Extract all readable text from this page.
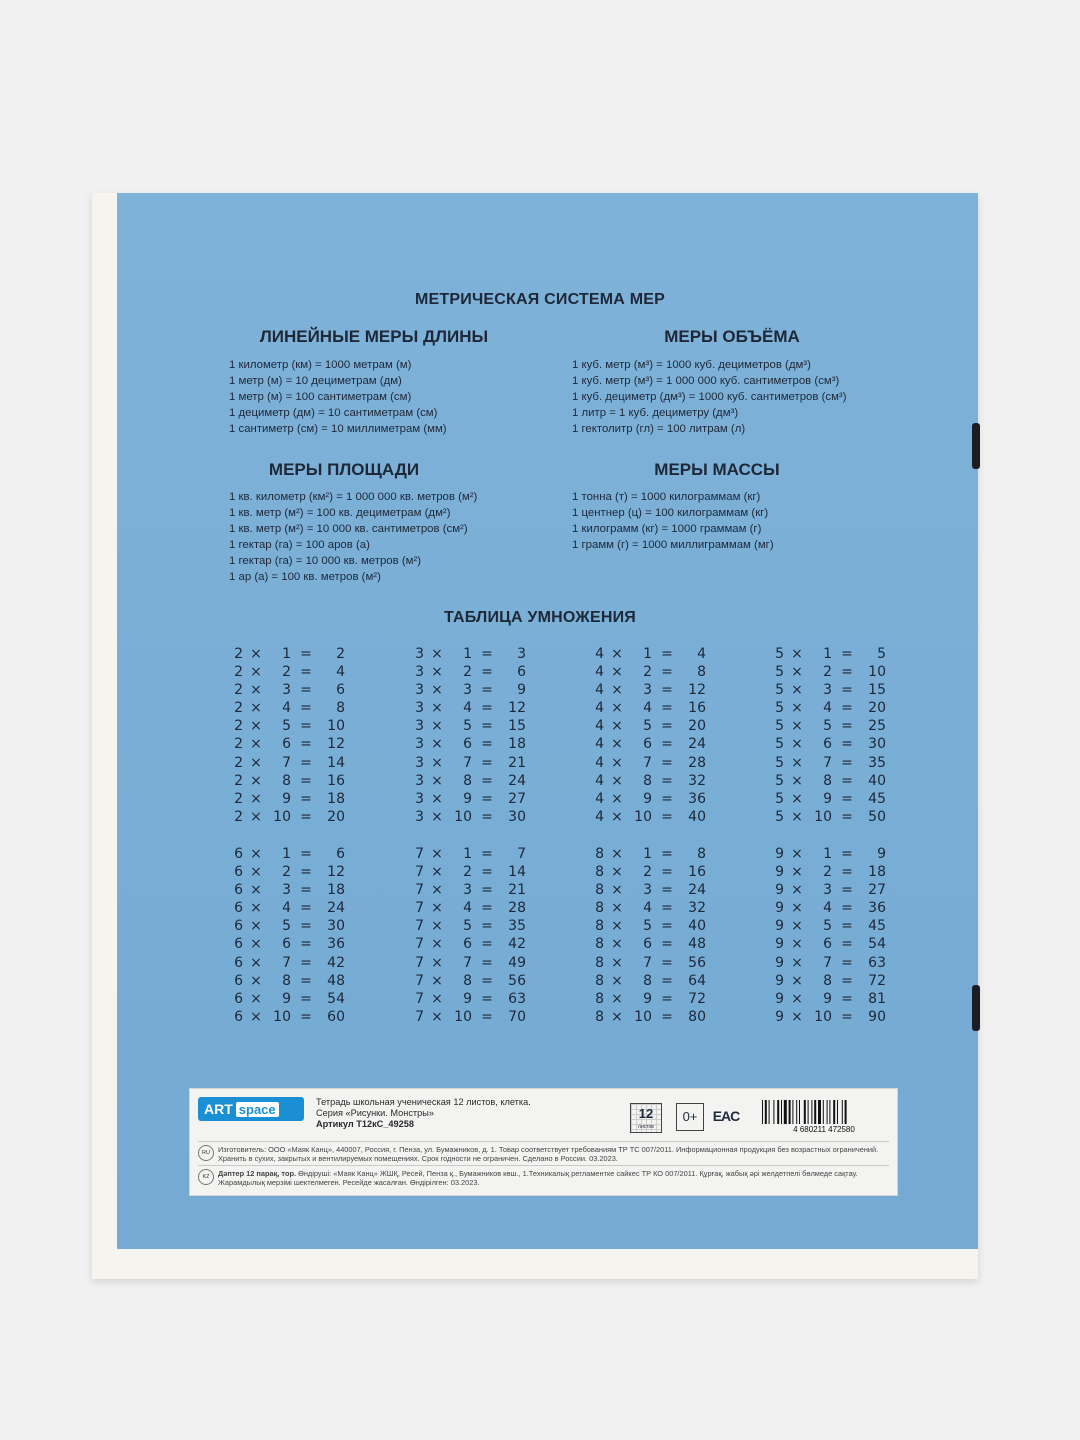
МЕТРИЧЕСКАЯ СИСТЕМА МЕР
ЛИНЕЙНЫЕ МЕРЫ ДЛИНЫ	МЕРЫ ОБЪЁМА
МЕРЫ ПЛОЩАДИ	МЕРЫ МАССЫ
1 километр (км) = 1000 метрам (м)
1 метр (м) = 10 дециметрам (дм)
1 метр (м) = 100 сантиметрам (см)
1 дециметр (дм) = 10 сантиметрам (см)
1 сантиметр (см) = 10 миллиметрам (мм)
1 куб. метр (м³) = 1000 куб. дециметров (дм³)
1 куб. метр (м³) = 1 000 000 куб. сантиметров (см³)
1 куб. дециметр (дм³) = 1000 куб. сантиметров (см³)
1 литр = 1 куб. дециметру (дм³)
1 гектолитр (гл) = 100 литрам (л)
1 кв. километр (км²) = 1 000 000 кв. метров (м²)
1 кв. метр (м²) = 100 кв. дециметрам (дм²)
1 кв. метр (м²) = 10 000 кв. сантиметров (см²)
1 гектар (га) = 100 аров (а)
1 гектар (га) = 10 000 кв. метров (м²)
1 ар (а) = 100 кв. метров (м²)
1 тонна (т) = 1000 килограммам (кг)
1 центнер (ц) = 100 килограммам (кг)
1 килограмм (кг) = 1000 граммам (г)
1 грамм (г) = 1000 миллиграммам (мг)
ТАБЛИЦА УМНОЖЕНИЯ
2 ×	1 =	2
2 ×	2 =	4
2 ×	3 =	6
2 ×	4 =	8
2 ×	5 =	10
2 ×	6 =	12
2 ×	7 =	14
2 ×	8 =	16
2 ×	9 =	18
2 × 10 =	20
3 ×	1 =	3
3 ×	2 =	6
3 ×	3 =	9
3 ×	4 =	12
3 ×	5 =	15
3 ×	6 =	18
3 ×	7 =	21
3 ×	8 =	24
3 ×	9 =	27
3 × 10 =	30
4 ×	1 =	4
4 ×	2 =	8
4 ×	3 =	12
4 ×	4 =	16
4 ×	5 =	20
4 ×	6 =	24
4 ×	7 =	28
4 ×	8 =	32
4 ×	9 =	36
4 × 10 =	40
5 ×	1 =	5
5 ×	2 =	10
5 ×	3 =	15
5 ×	4 =	20
5 ×	5 =	25
5 ×	6 =	30
5 ×	7 =	35
5 ×	8 =	40
5 ×	9 =	45
5 × 10 =	50
6 ×	1 =	6
6 ×	2 =	12
6 ×	3 =	18
6 ×	4 =	24
6 ×	5 =	30
6 ×	6 =	36
6 ×	7 =	42
6 ×	8 =	48
6 ×	9 =	54
6 × 10 =	60
7 ×	1 =	7
7 ×	2 =	14
7 ×	3 =	21
7 ×	4 =	28
7 ×	5 =	35
7 ×	6 =	42
7 ×	7 =	49
7 ×	8 =	56
7 ×	9 =	63
7 × 10 =	70
8 ×	1 =	8
8 ×	2 =	16
8 ×	3 =	24
8 ×	4 =	32
8 ×	5 =	40
8 ×	6 =	48
8 ×	7 =	56
8 ×	8 =	64
8 ×	9 =	72
8 × 10 =	80
9 ×	1 =	9
9 ×	2 =	18
9 ×	3 =	27
9 ×	4 =	36
9 ×	5 =	45
9 ×	6 =	54
9 ×	7 =	63
9 ×	8 =	72
9 ×	9 =	81
9 × 10 =	90
ART space	Тетрадь школьная ученическая 12 листов, клетка.
Серия «Рисунки. Монстры»
Артикул Т12кС_49258
12
листов
0+	EAC
4 680211 472580
RU	Изготовитель: ООО «Маяк Канц», 440007, Россия, г. Пенза, ул. Бумажников, д. 1. Товар соответствует требованиям ТР ТС 007/2011. Информационная продукция без возрастных ограничений.
Хранить в сухих, закрытых и вентилируемых помещениях. Срок годности не ограничен. Сделано в России. 03.2023.
KZ	Дәптер 12 парақ, тор. Өндіруші: «Маяк Канц» ЖШҚ, Ресей, Пенза қ., Бумажников көш., 1.Техникалық регламентке сайкес ТР КО 007/2011. Құрғақ, жабық әрі желдетпелі бөлмеде сақтау.
Жарамдылық мерзімі шектелмеген. Ресейде жасалған. Өндірілген: 03.2023.
